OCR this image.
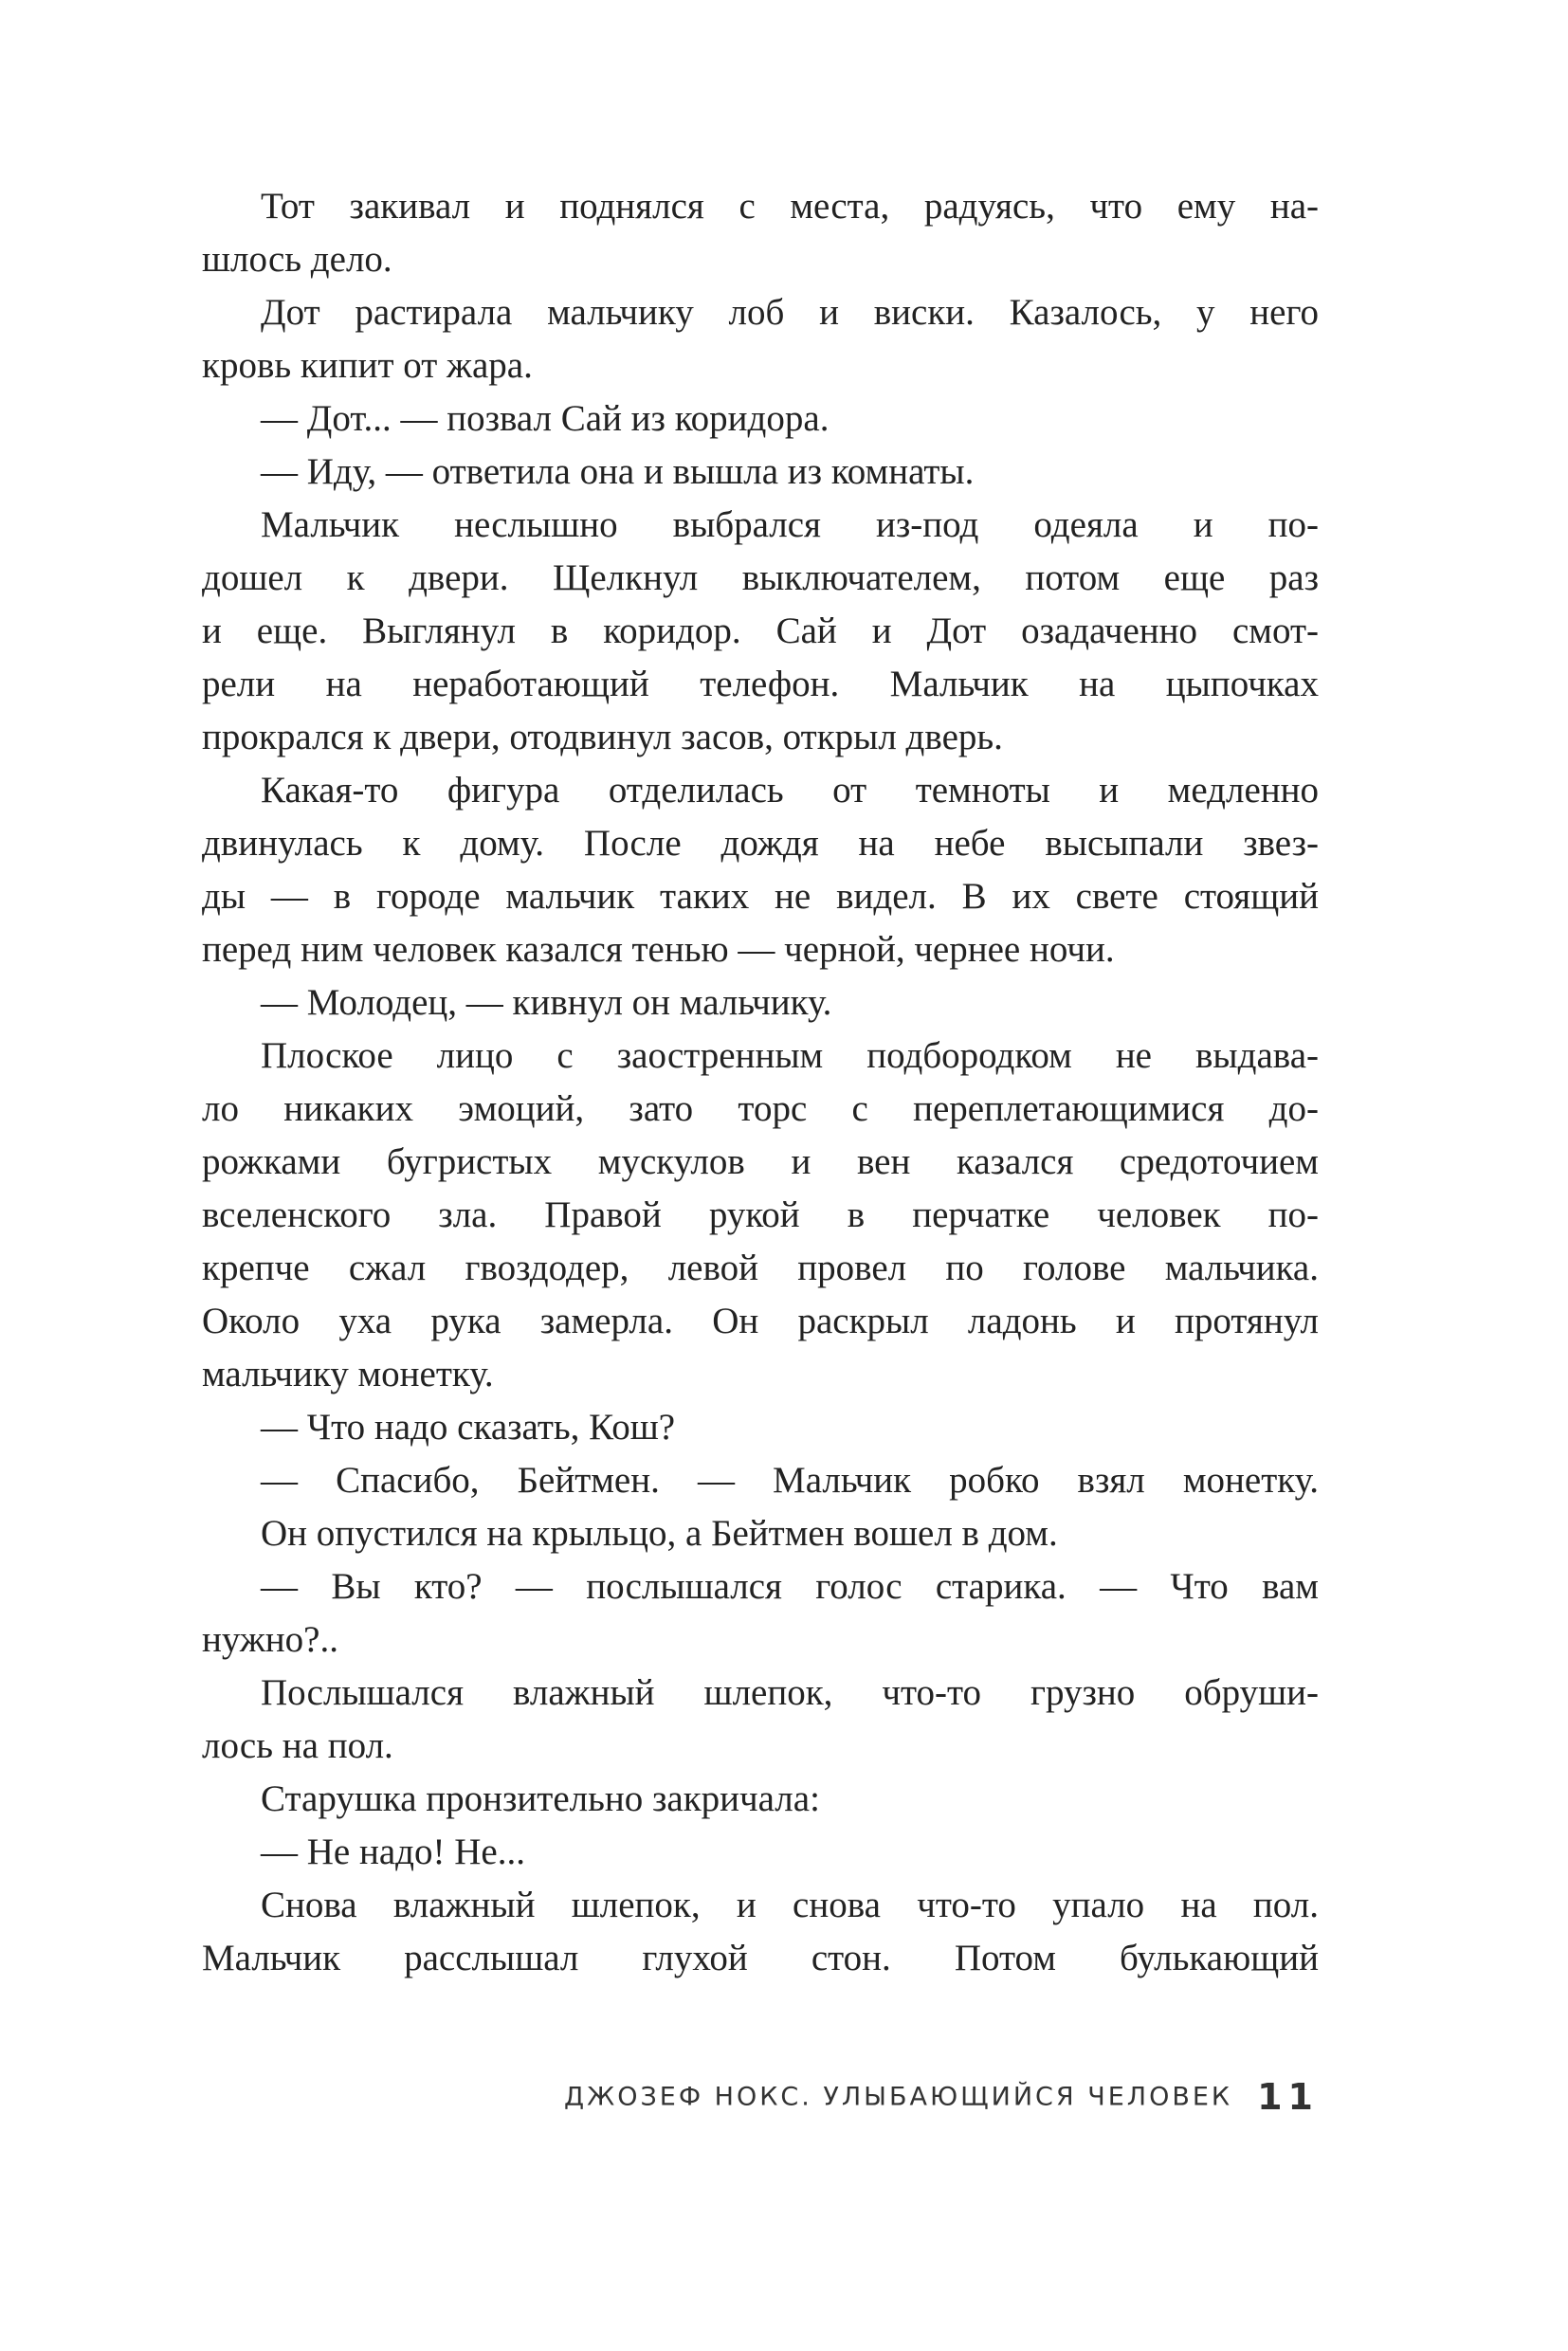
Тот закивал и поднялся с места, радуясь, что ему на-
шлось дело.
Дот растирала мальчику лоб и виски. Казалось, у него
кровь кипит от жара.
— Дот... — позвал Сай из коридора.
— Иду, — ответила она и вышла из комнаты.
Мальчик неслышно выбрался из-под одеяла и по-
дошел к двери. Щелкнул выключателем, потом еще раз
и еще. Выглянул в коридор. Сай и Дот озадаченно смот-
рели на неработающий телефон. Мальчик на цыпочках
прокрался к двери, отодвинул засов, открыл дверь.
Какая-то фигура отделилась от темноты и медленно
двинулась к дому. После дождя на небе высыпали звез-
ды — в городе мальчик таких не видел. В их свете стоящий
перед ним человек казался тенью — черной, чернее ночи.
— Молодец, — кивнул он мальчику.
Плоское лицо с заостренным подбородком не выдава-
ло никаких эмоций, зато торс с переплетающимися до-
рожками бугристых мускулов и вен казался средоточием
вселенского зла. Правой рукой в перчатке человек по-
крепче сжал гвоздодер, левой провел по голове мальчика.
Около уха рука замерла. Он раскрыл ладонь и протянул
мальчику монетку.
— Что надо сказать, Кош?
— Спасибо, Бейтмен. — Мальчик робко взял монетку.
Он опустился на крыльцо, а Бейтмен вошел в дом.
— Вы кто? — послышался голос старика. — Что вам
нужно?..
Послышался влажный шлепок, что-то грузно обруши-
лось на пол.
Старушка пронзительно закричала:
— Не надо! Не...
Снова влажный шлепок, и снова что-то упало на пол.
Мальчик расслышал глухой стон. Потом булькающий
ДЖОЗЕФ НОКС. УЛЫБАЮЩИЙСЯ ЧЕЛОВЕК 11
